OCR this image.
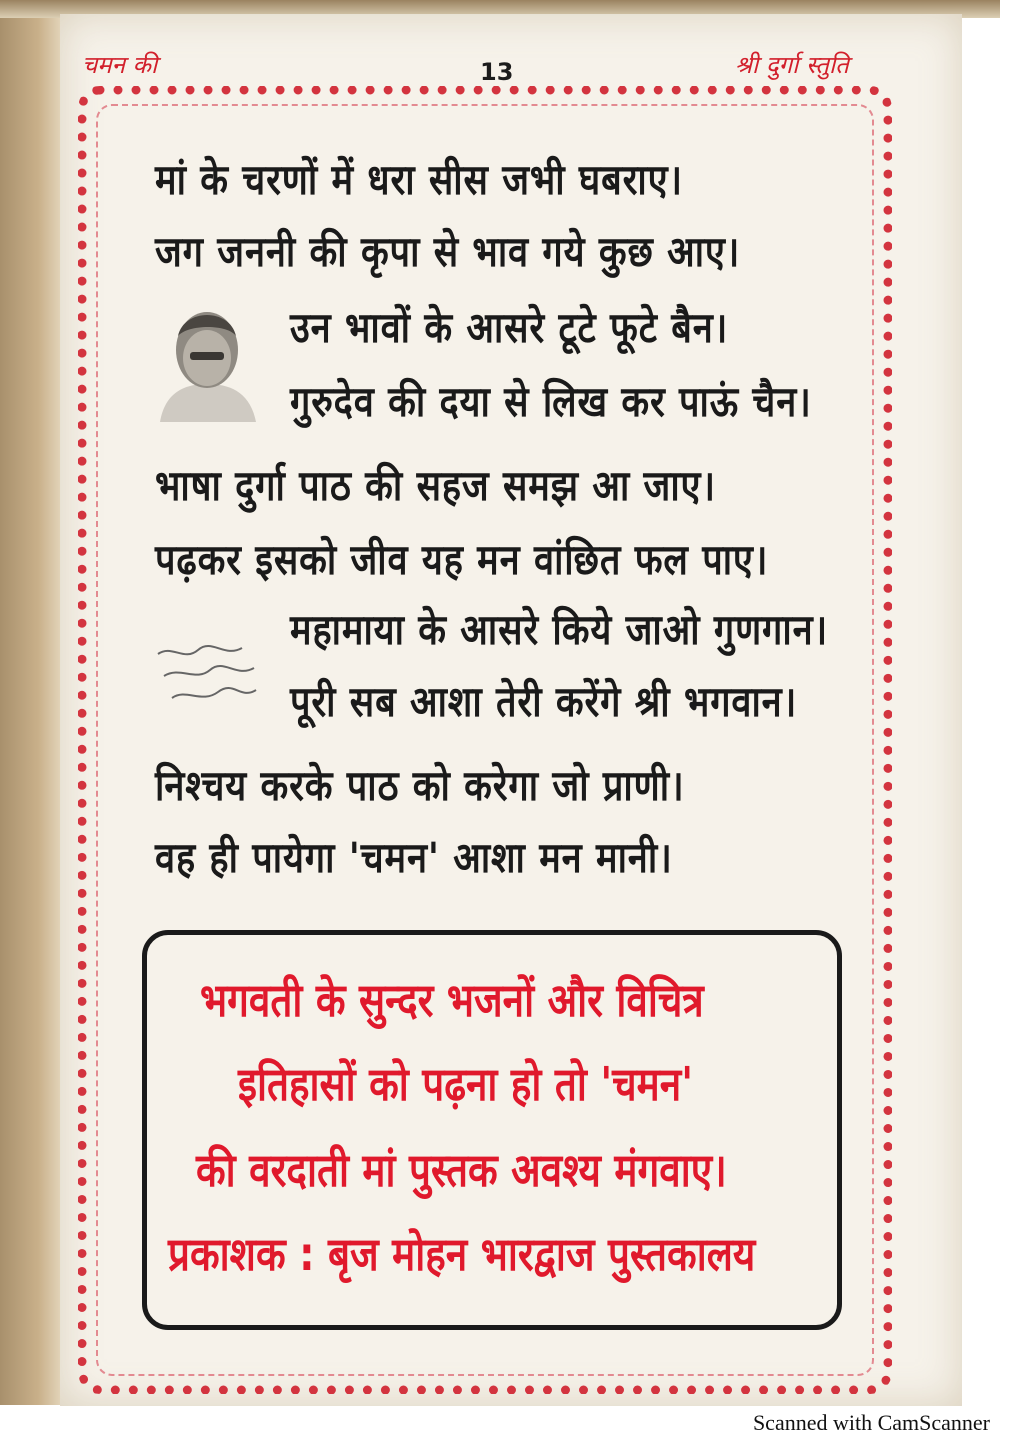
चमन की	13	श्री दुर्गा स्तुति
मां के चरणों में धरा सीस जभी घबराए।
जग जननी की कृपा से भाव गये कुछ आए।
उन भावों के आसरे टूटे फूटे बैन।
गुरुदेव की दया से लिख कर पाऊं चैन।
भाषा दुर्गा पाठ की सहज समझ आ जाए।
पढ़कर इसको जीव यह मन वांछित फल पाए।
महामाया के आसरे किये जाओ गुणगान।
पूरी सब आशा तेरी करेंगे श्री भगवान।
निश्चय करके पाठ को करेगा जो प्राणी।
वह ही पायेगा 'चमन' आशा मन मानी।
भगवती के सुन्दर भजनों और विचित्र
इतिहासों को पढ़ना हो तो 'चमन'
की वरदाती मां पुस्तक अवश्य मंगवाए।
प्रकाशक : बृज मोहन भारद्वाज पुस्तकालय
Scanned with CamScanner
